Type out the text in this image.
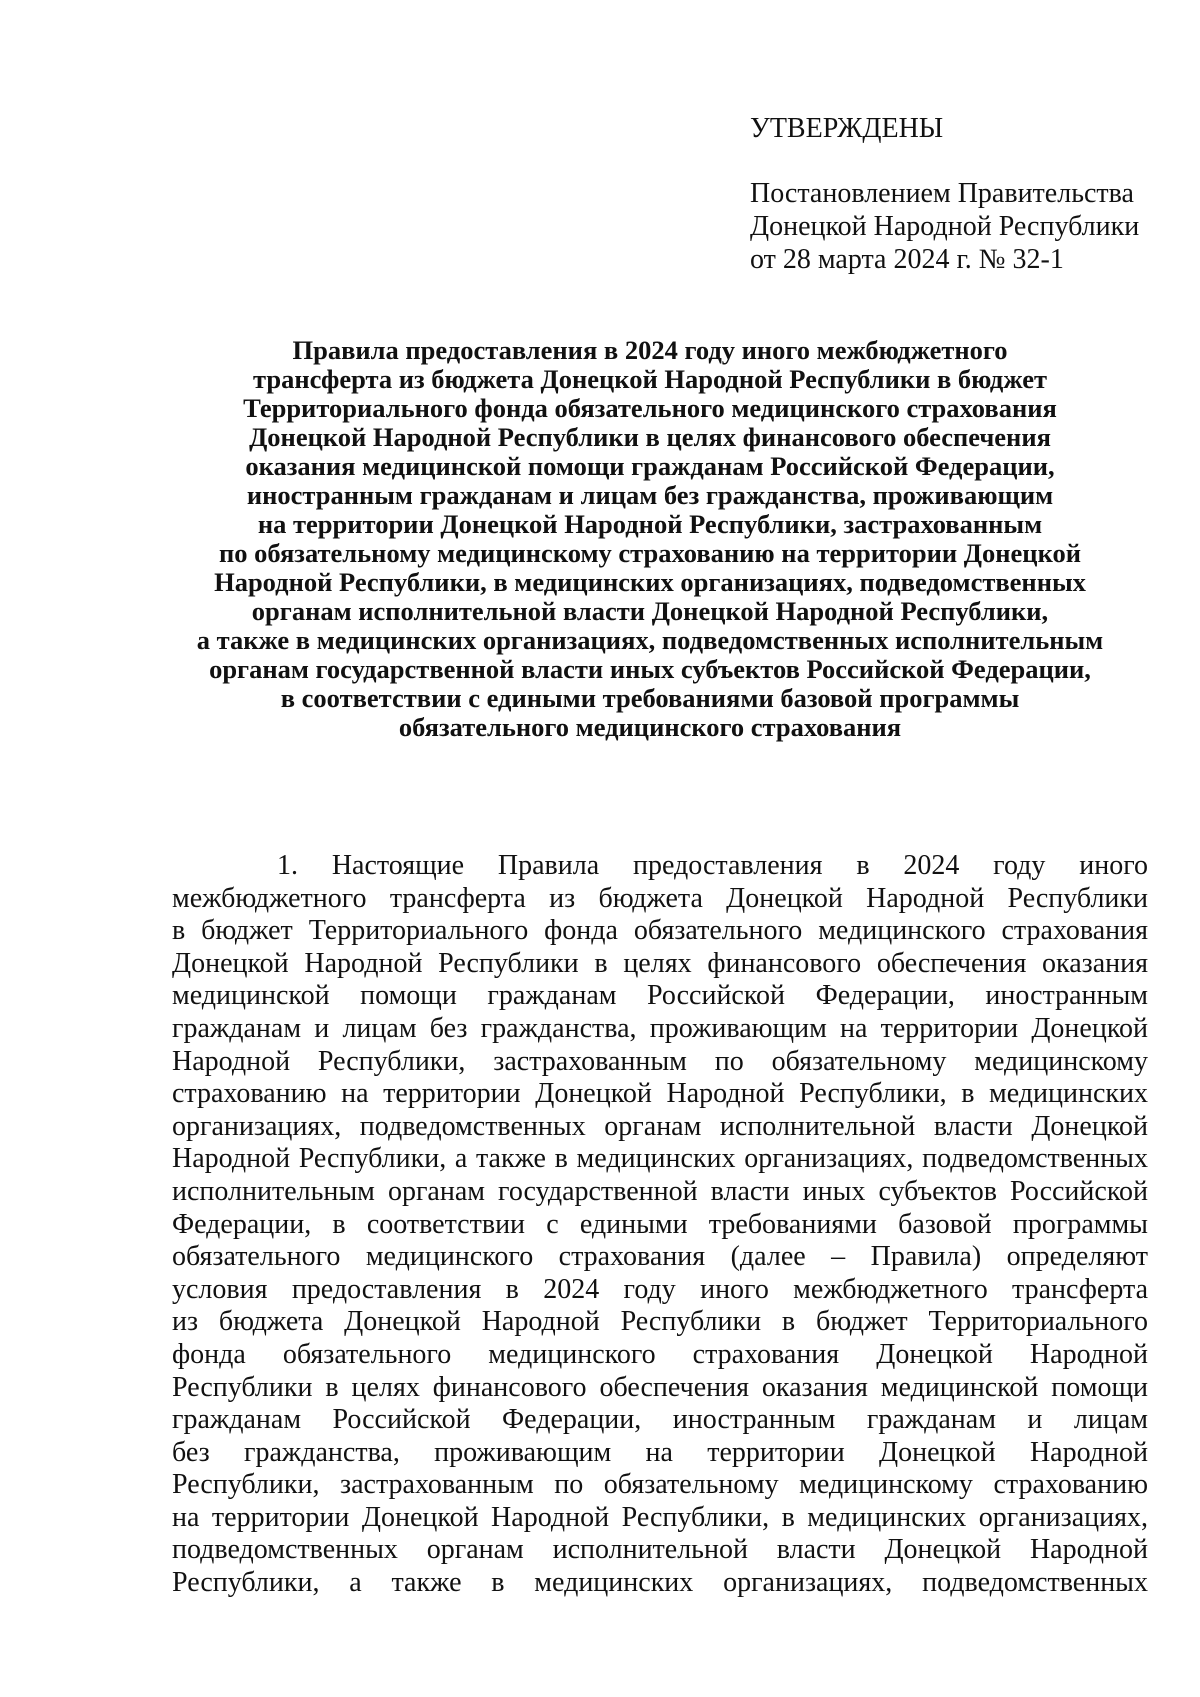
УТВЕРЖДЕНЫ
Постановлением Правительства
Донецкой Народной Республики
от 28 марта 2024 г. № 32-1
Правила предоставления в 2024 году иного межбюджетного
трансферта из бюджета Донецкой Народной Республики в бюджет
Территориального фонда обязательного медицинского страхования
Донецкой Народной Республики в целях финансового обеспечения
оказания медицинской помощи гражданам Российской Федерации,
иностранным гражданам и лицам без гражданства, проживающим
на территории Донецкой Народной Республики, застрахованным
по обязательному медицинскому страхованию на территории Донецкой
Народной Республики, в медицинских организациях, подведомственных
органам исполнительной власти Донецкой Народной Республики,
а также в медицинских организациях, подведомственных исполнительным
органам государственной власти иных субъектов Российской Федерации,
в соответствии с едиными требованиями базовой программы
обязательного медицинского страхования
1. Настоящие Правила предоставления в 2024 году иного
межбюджетного трансферта из бюджета Донецкой Народной Республики
в бюджет Территориального фонда обязательного медицинского страхования
Донецкой Народной Республики в целях финансового обеспечения оказания
медицинской помощи гражданам Российской Федерации, иностранным
гражданам и лицам без гражданства, проживающим на территории Донецкой
Народной Республики, застрахованным по обязательному медицинскому
страхованию на территории Донецкой Народной Республики, в медицинских
организациях, подведомственных органам исполнительной власти Донецкой
Народной Республики, а также в медицинских организациях, подведомственных
исполнительным органам государственной власти иных субъектов Российской
Федерации, в соответствии с едиными требованиями базовой программы
обязательного медицинского страхования (далее – Правила) определяют
условия предоставления в 2024 году иного межбюджетного трансферта
из бюджета Донецкой Народной Республики в бюджет Территориального
фонда обязательного медицинского страхования Донецкой Народной
Республики в целях финансового обеспечения оказания медицинской помощи
гражданам Российской Федерации, иностранным гражданам и лицам
без гражданства, проживающим на территории Донецкой Народной
Республики, застрахованным по обязательному медицинскому страхованию
на территории Донецкой Народной Республики, в медицинских организациях,
подведомственных органам исполнительной власти Донецкой Народной
Республики, а также в медицинских организациях, подведомственных
